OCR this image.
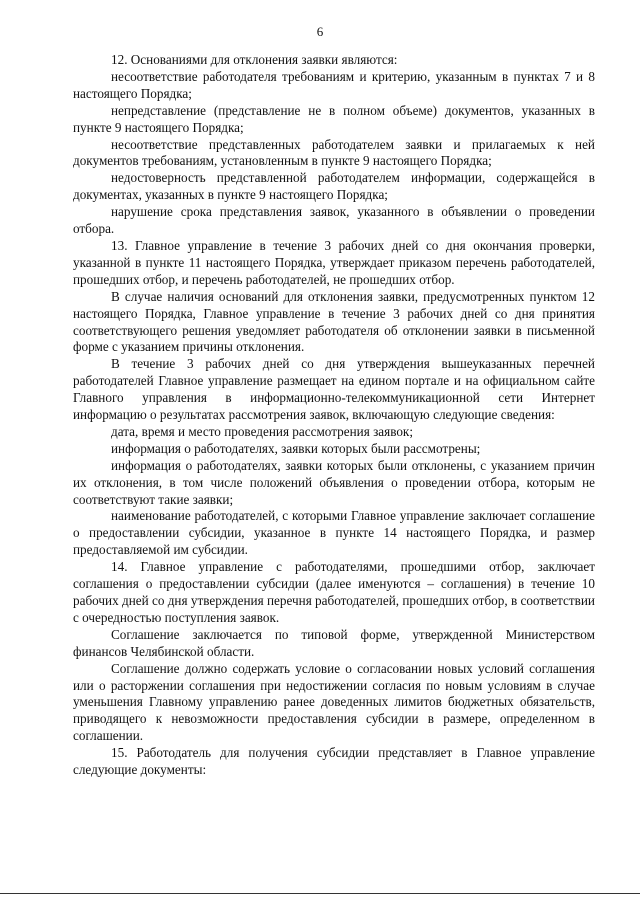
6

12. Основаниями для отклонения заявки являются:

несоответствие работодателя требованиям и критерию, указанным в пунктах 7 и 8 настоящего Порядка;

непредставление (представление не в полном объеме) документов, указанных в пункте 9 настоящего Порядка;

несоответствие представленных работодателем заявки и прилагаемых к ней документов требованиям, установленным в пункте 9 настоящего Порядка;

недостоверность представленной работодателем информации, содержащейся в документах, указанных в пункте 9 настоящего Порядка;

нарушение срока представления заявок, указанного в объявлении о проведении отбора.

13. Главное управление в течение 3 рабочих дней со дня окончания проверки, указанной в пункте 11 настоящего Порядка, утверждает приказом перечень работодателей, прошедших отбор, и перечень работодателей, не прошедших отбор.

В случае наличия оснований для отклонения заявки, предусмотренных пунктом 12 настоящего Порядка, Главное управление в течение 3 рабочих дней со дня принятия соответствующего решения уведомляет работодателя об отклонении заявки в письменной форме с указанием причины отклонения.

В течение 3 рабочих дней со дня утверждения вышеуказанных перечней работодателей Главное управление размещает на едином портале и на официальном сайте Главного управления в информационно-телекоммуникационной сети Интернет информацию о результатах рассмотрения заявок, включающую следующие сведения:

дата, время и место проведения рассмотрения заявок;

информация о работодателях, заявки которых были рассмотрены;

информация о работодателях, заявки которых были отклонены, с указанием причин их отклонения, в том числе положений объявления о проведении отбора, которым не соответствуют такие заявки;

наименование работодателей, с которыми Главное управление заключает соглашение о предоставлении субсидии, указанное в пункте 14 настоящего Порядка, и размер предоставляемой им субсидии.

14. Главное управление с работодателями, прошедшими отбор, заключает соглашения о предоставлении субсидии (далее именуются – соглашения) в течение 10 рабочих дней со дня утверждения перечня работодателей, прошедших отбор, в соответствии с очередностью поступления заявок.

Соглашение заключается по типовой форме, утвержденной Министерством финансов Челябинской области.

Соглашение должно содержать условие о согласовании новых условий соглашения или о расторжении соглашения при недостижении согласия по новым условиям в случае уменьшения Главному управлению ранее доведенных лимитов бюджетных обязательств, приводящего к невозможности предоставления субсидии в размере, определенном в соглашении.

15. Работодатель для получения субсидии представляет в Главное управление следующие документы:
